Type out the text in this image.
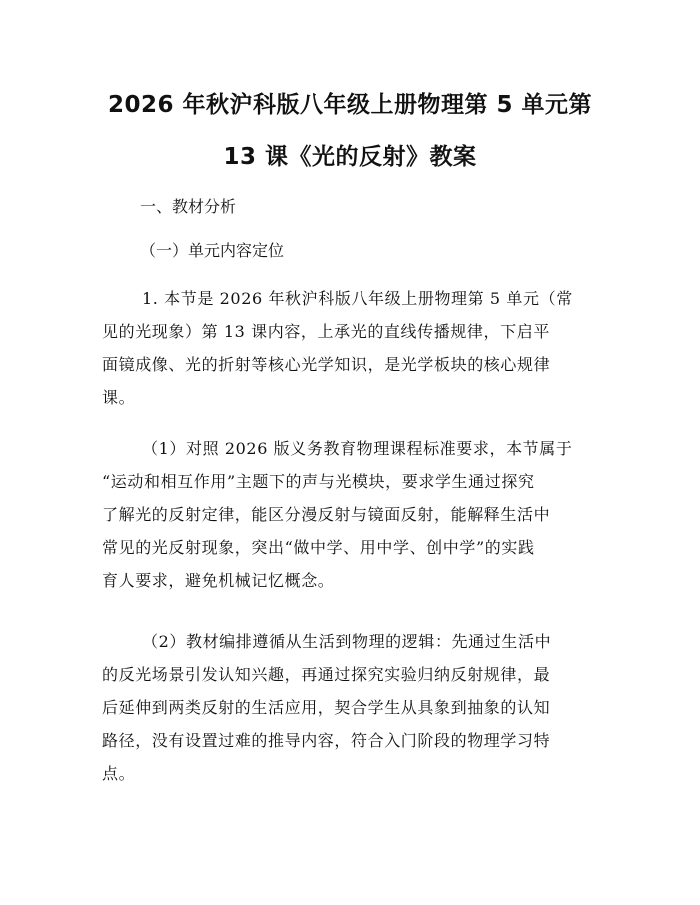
2026 年秋沪科版八年级上册物理第 5 单元第
13 课《光的反射》教案

一、教材分析

（一）单元内容定位

1. 本节是 2026 年秋沪科版八年级上册物理第 5 单元（常
见的光现象）第 13 课内容，上承光的直线传播规律，下启平
面镜成像、光的折射等核心光学知识，是光学板块的核心规律
课。

（1）对照 2026 版义务教育物理课程标准要求，本节属于
“运动和相互作用”主题下的声与光模块，要求学生通过探究
了解光的反射定律，能区分漫反射与镜面反射，能解释生活中
常见的光反射现象，突出“做中学、用中学、创中学”的实践
育人要求，避免机械记忆概念。

（2）教材编排遵循从生活到物理的逻辑：先通过生活中
的反光场景引发认知兴趣，再通过探究实验归纳反射规律，最
后延伸到两类反射的生活应用，契合学生从具象到抽象的认知
路径，没有设置过难的推导内容，符合入门阶段的物理学习特
点。
